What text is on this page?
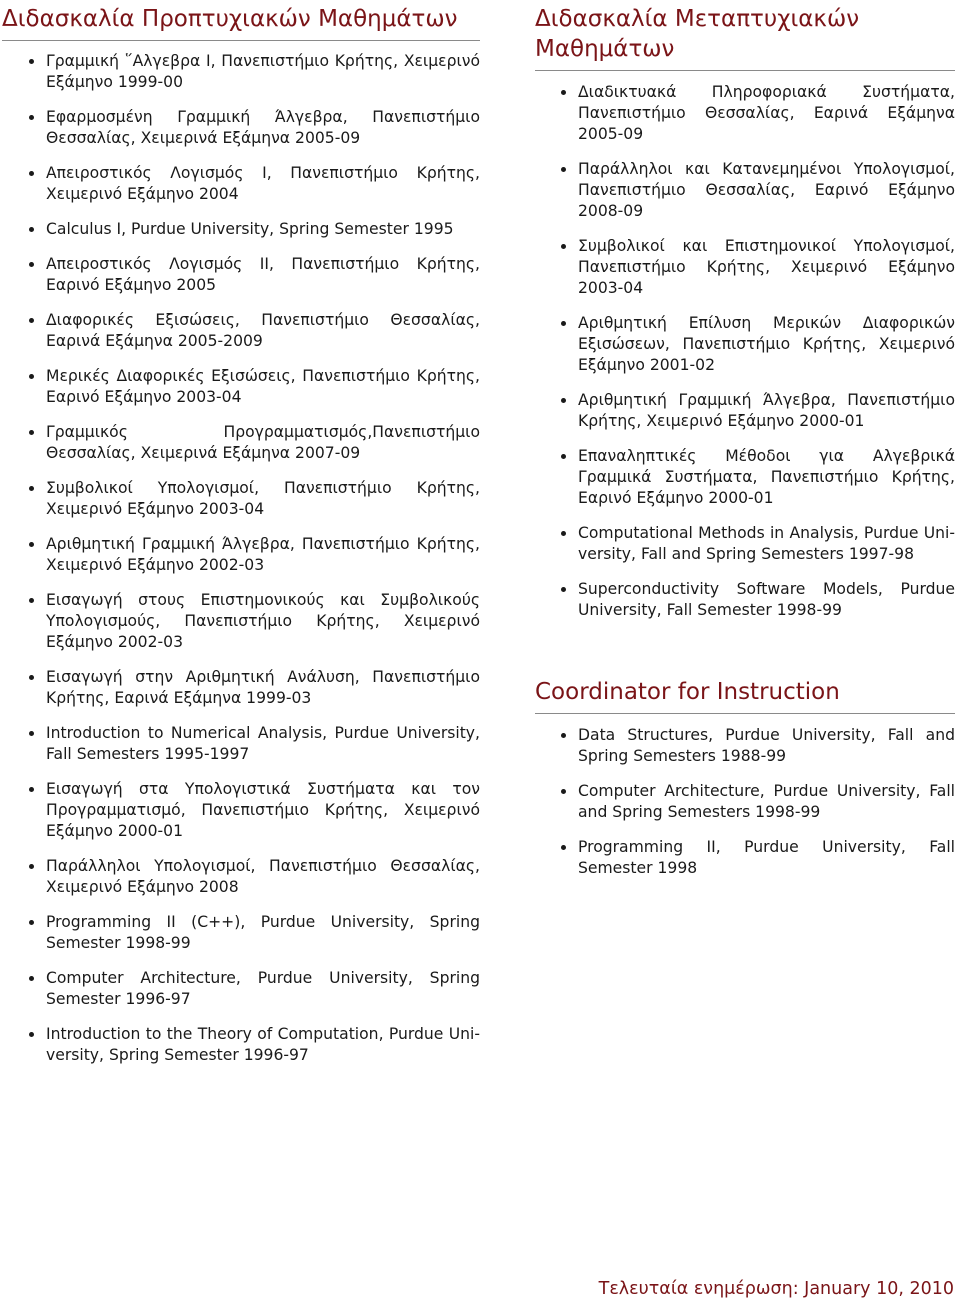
Διδασκαλία Προπτυχιακών Μαθημάτων
Γραμμική ῞Αλγεβρα Ι, Πανεπιστήμιο Κρήτης, Χειμερινό Εξάμηνο 1999-00
Εφαρμοσμένη Γραμμική Άλγεβρα, Πανεπιστήμιο Θεσσαλίας, Χειμερινά Εξάμηνα 2005-09
Απειροστικός Λογισμός Ι, Πανεπιστήμιο Κρήτης, Χειμερινό Εξάμηνο 2004
Calculus I, Purdue University, Spring Semester 1995
Απειροστικός Λογισμός ΙΙ, Πανεπιστήμιο Κρήτης, Εαρινό Εξάμηνο 2005
Διαφορικές Εξισώσεις, Πανεπιστήμιο Θεσσαλίας, Εαρινά Εξάμηνα 2005-2009
Μερικές Διαφορικές Εξισώσεις, Πανεπιστήμιο Κρήτης, Εαρινό Εξάμηνο 2003-04
Γραμμικός Προγραμματισμός,Πανεπιστήμιο Θεσσαλίας, Χειμερινά Εξάμηνα 2007-09
Συμβολικοί Υπολογισμοί, Πανεπιστήμιο Κρήτης, Χειμερινό Εξάμηνο 2003-04
Αριθμητική Γραμμική Άλγεβρα, Πανεπιστήμιο Κρήτης, Χειμερινό Εξάμηνο 2002-03
Εισαγωγή στους Επιστημονικούς και Συμβολικούς Υπολογισμούς, Πανεπιστήμιο Κρήτης, Χειμερινό Εξάμηνο 2002-03
Εισαγωγή στην Αριθμητική Ανάλυση, Πανεπιστήμιο Κρήτης, Εαρινά Εξάμηνα 1999-03
Introduction to Numerical Analysis, Purdue University, Fall Semesters 1995-1997
Εισαγωγή στα Υπολογιστικά Συστήματα και τον Προγραμματισμό, Πανεπιστήμιο Κρήτης, Χειμερινό Εξάμηνο 2000-01
Παράλληλοι Υπολογισμοί, Πανεπιστήμιο Θεσσαλίας, Χειμερινό Εξάμηνο 2008
Programming II (C++), Purdue University, Spring Semester 1998-99
Computer Architecture, Purdue University, Spring Semester 1996-97
Introduction to the Theory of Computation, Purdue Uni-versity, Spring Semester 1996-97
Διδασκαλία Μεταπτυχιακών Μαθημάτων
Διαδικτυακά Πληροφοριακά Συστήματα, Πανεπιστήμιο Θεσσαλίας, Εαρινά Εξάμηνα 2005-09
Παράλληλοι και Κατανεμημένοι Υπολογισμοί, Πανεπιστήμιο Θεσσαλίας, Εαρινό Εξάμηνο 2008-09
Συμβολικοί και Επιστημονικοί Υπολογισμοί, Πανεπιστήμιο Κρήτης, Χειμερινό Εξάμηνο 2003-04
Αριθμητική Επίλυση Μερικών Διαφορικών Εξισώσεων, Πανεπιστήμιο Κρήτης, Χειμερινό Εξάμηνο 2001-02
Αριθμητική Γραμμική Άλγεβρα, Πανεπιστήμιο Κρήτης, Χειμερινό Εξάμηνο 2000-01
Επαναληπτικές Μέθοδοι για Αλγεβρικά Γραμμικά Συστήματα, Πανεπιστήμιο Κρήτης, Εαρινό Εξάμηνο 2000-01
Computational Methods in Analysis, Purdue Uni-versity, Fall and Spring Semesters 1997-98
Superconductivity Software Models, Purdue University, Fall Semester 1998-99
Coordinator for Instruction
Data Structures, Purdue University, Fall and Spring Semesters 1988-99
Computer Architecture, Purdue University, Fall and Spring Semesters 1998-99
Programming II, Purdue University, Fall Semester 1998
Τελευταία ενημέρωση: January 10, 2010
